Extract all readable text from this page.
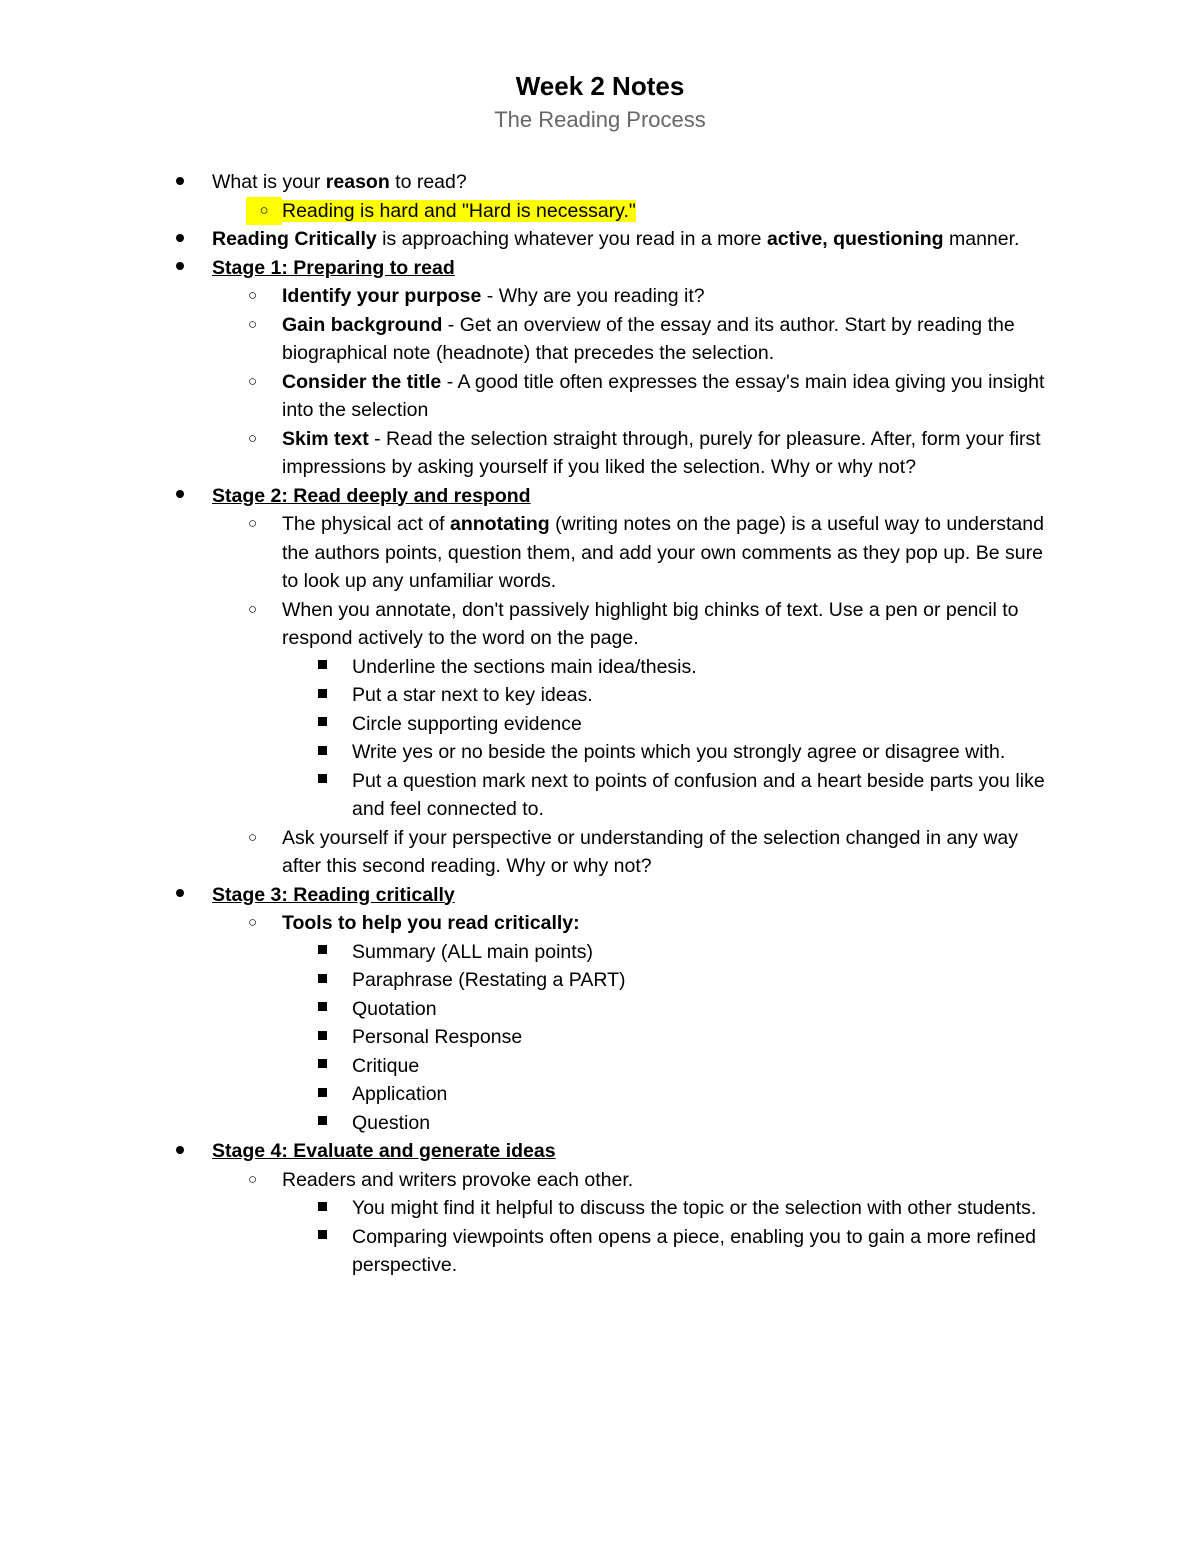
Week 2 Notes
The Reading Process
What is your reason to read?
○ Reading is hard and "Hard is necessary."
Reading Critically is approaching whatever you read in a more active, questioning manner.
Stage 1: Preparing to read
○ Identify your purpose - Why are you reading it?
○ Gain background - Get an overview of the essay and its author. Start by reading the biographical note (headnote) that precedes the selection.
○ Consider the title - A good title often expresses the essay's main idea giving you insight into the selection
○ Skim text - Read the selection straight through, purely for pleasure. After, form your first impressions by asking yourself if you liked the selection. Why or why not?
Stage 2: Read deeply and respond
○ The physical act of annotating (writing notes on the page) is a useful way to understand the authors points, question them, and add your own comments as they pop up. Be sure to look up any unfamiliar words.
○ When you annotate, don't passively highlight big chinks of text. Use a pen or pencil to respond actively to the word on the page.
Underline the sections main idea/thesis.
Put a star next to key ideas.
Circle supporting evidence
Write yes or no beside the points which you strongly agree or disagree with.
Put a question mark next to points of confusion and a heart beside parts you like and feel connected to.
○ Ask yourself if your perspective or understanding of the selection changed in any way after this second reading. Why or why not?
Stage 3: Reading critically
○ Tools to help you read critically:
Summary (ALL main points)
Paraphrase (Restating a PART)
Quotation
Personal Response
Critique
Application
Question
Stage 4: Evaluate and generate ideas
○ Readers and writers provoke each other.
You might find it helpful to discuss the topic or the selection with other students.
Comparing viewpoints often opens a piece, enabling you to gain a more refined perspective.
